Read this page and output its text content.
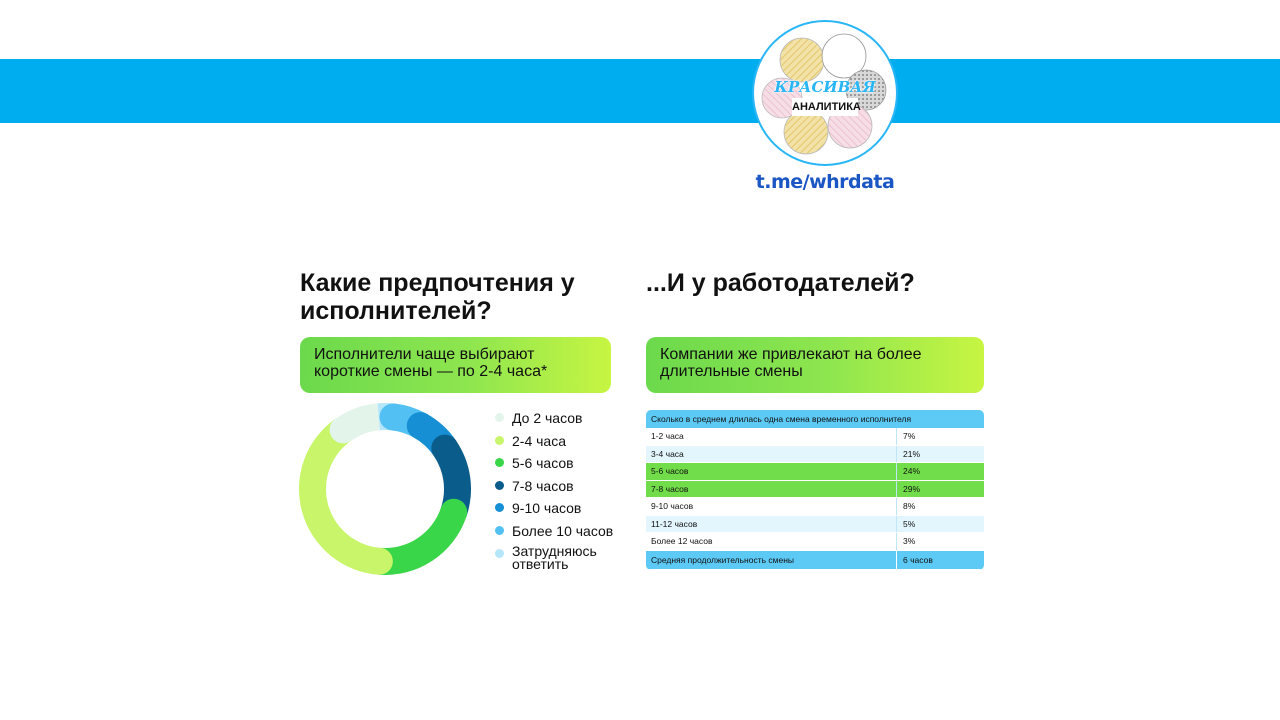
КРАСИВАЯ
АНАЛИТИКА
t.me/whrdata
Какие предпочтения у исполнителей?
...И у работодателей?
Исполнители чаще выбирают короткие смены — по 2-4 часа*
Компании же привлекают на более длительные смены
До 2 часов
2-4 часа
5-6 часов
7-8 часов
9-10 часов
Более 10 часов
Затрудняюсь ответить
Сколько в среднем длилась одна смена временного исполнителя
1-2 часа	7%
3-4 часа	21%
5-6 часов	24%
7-8 часов	29%
9-10 часов	8%
11-12 часов	5%
Более 12 часов	3%
Средняя продолжительность смены	6 часов
